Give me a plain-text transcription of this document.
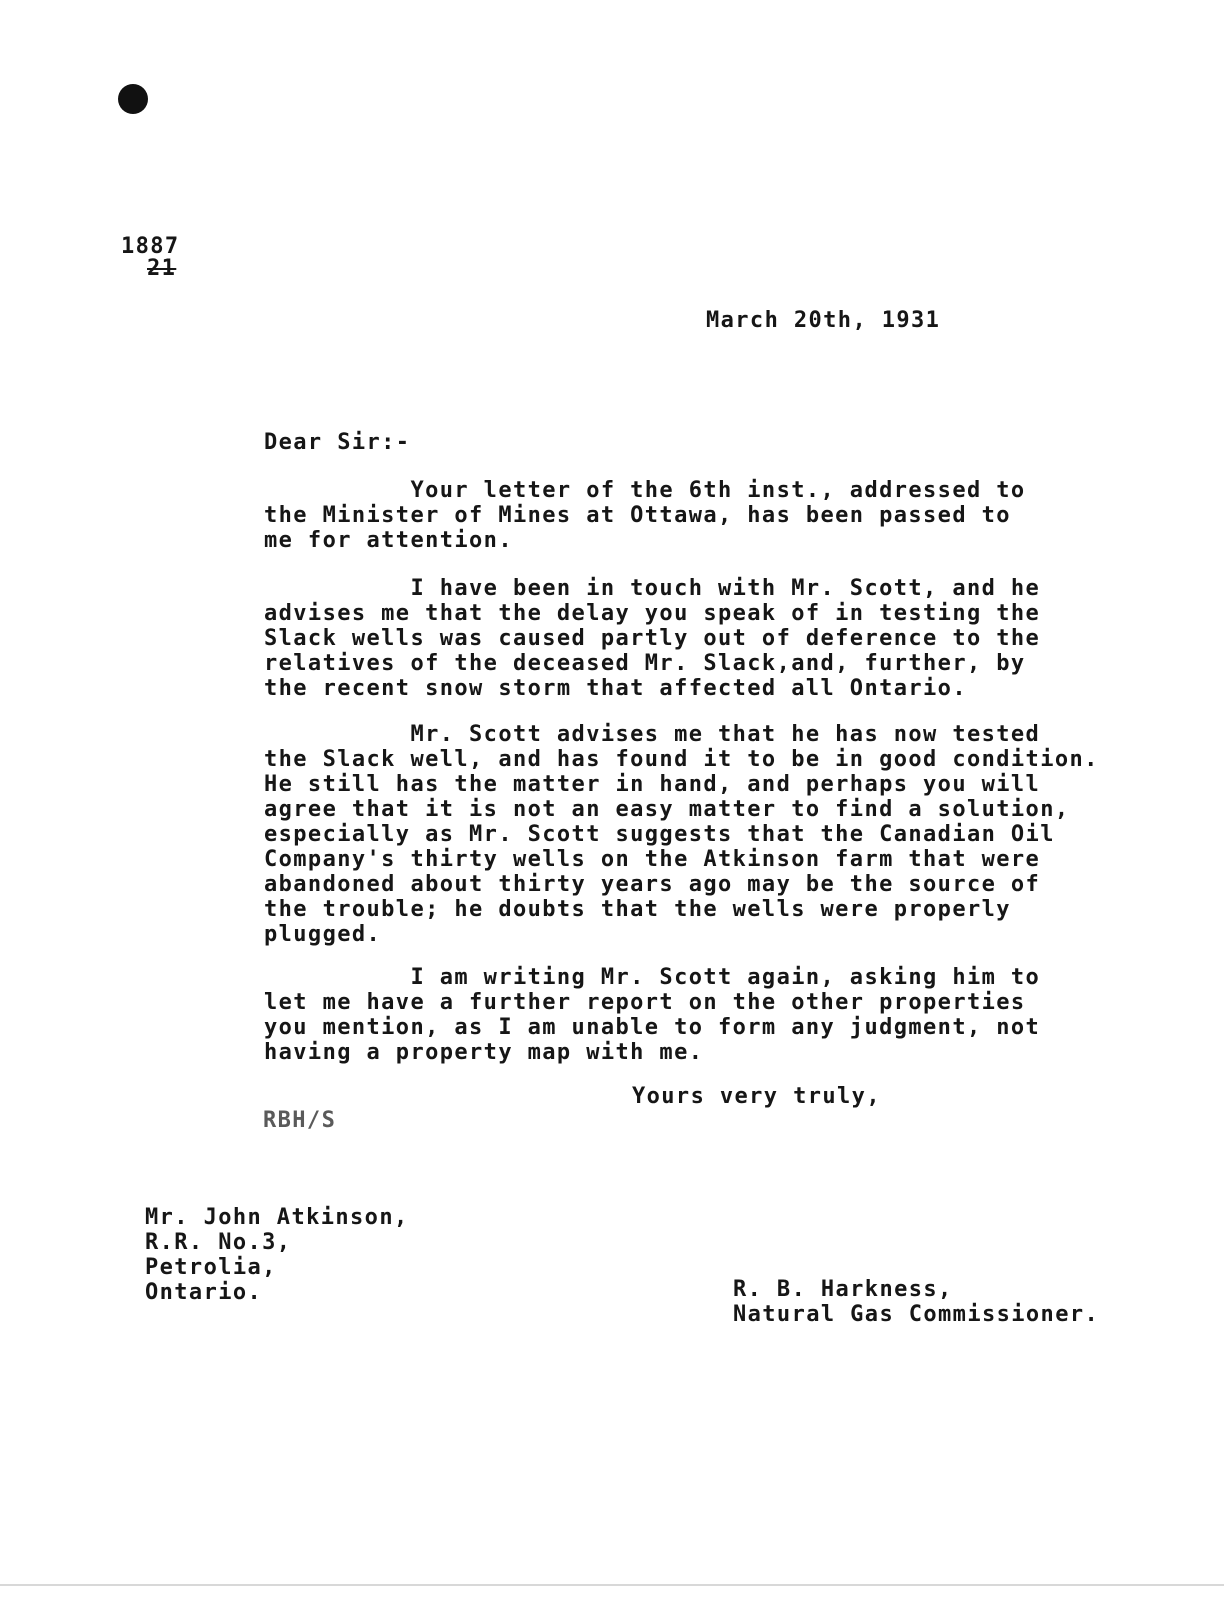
1887

21

March 20th, 1931

Dear Sir:-

Your letter of the 6th inst., addressed to
the Minister of Mines at Ottawa, has been passed to
me for attention.

I have been in touch with Mr. Scott, and he
advises me that the delay you speak of in testing the
Slack wells was caused partly out of deference to the
relatives of the deceased Mr. Slack,and, further, by
the recent snow storm that affected all Ontario.

Mr. Scott advises me that he has now tested
the Slack well, and has found it to be in good condition.
He still has the matter in hand, and perhaps you will
agree that it is not an easy matter to find a solution,
especially as Mr. Scott suggests that the Canadian Oil
Company's thirty wells on the Atkinson farm that were
abandoned about thirty years ago may be the source of
the trouble; he doubts that the wells were properly
plugged.

I am writing Mr. Scott again, asking him to
let me have a further report on the other properties
you mention, as I am unable to form any judgment, not
having a property map with me.

Yours very truly,

RBH/S

Mr. John Atkinson,
R.R. No.3,
Petrolia,
Ontario.	R. B. Harkness,
Natural Gas Commissioner.
